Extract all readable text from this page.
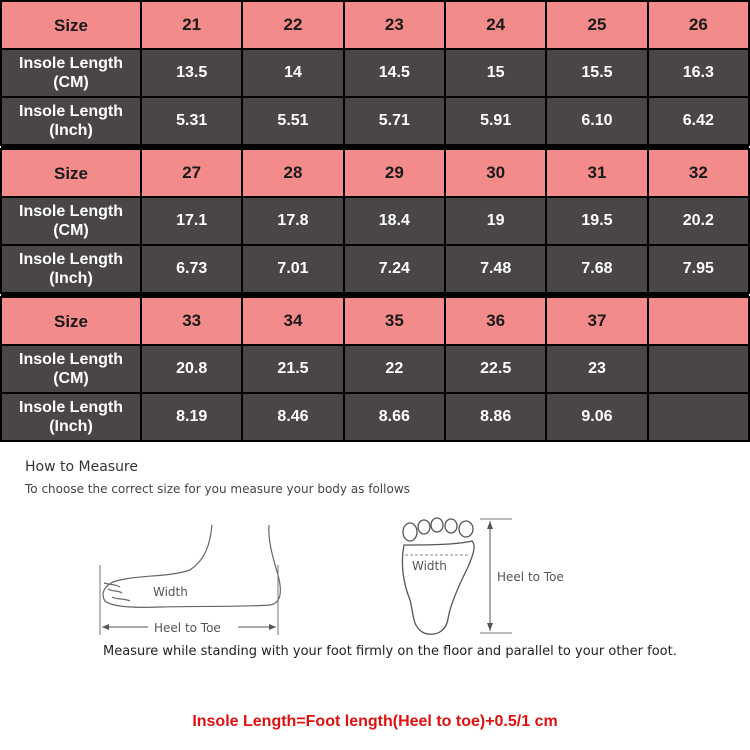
Size	21	22	23	24	25	26

Insole Length
(CM)	13.5	14	14.5	15	15.5	16.3

Insole Length
(Inch)	5.31	5.51	5.71	5.91	6.10	6.42

Size	27	28	29	30	31	32

Insole Length
(CM)	17.1	17.8	18.4	19	19.5	20.2

Insole Length
(Inch)	6.73	7.01	7.24	7.48	7.68	7.95

Size	33	34	35	36	37	

Insole Length
(CM)	20.8	21.5	22	22.5	23	

Insole Length
(Inch)	8.19	8.46	8.66	8.86	9.06	
How to Measure
To choose the correct size for you measure your body as follows
Width
Heel to Toe
Width
Heel to Toe
Measure while standing with your foot firmly on the floor and parallel to your other foot.
Insole Length=Foot length(Heel to toe)+0.5/1 cm
